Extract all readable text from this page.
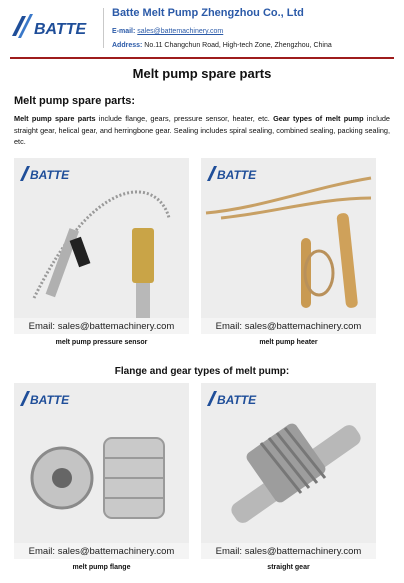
BATTE
Batte Melt Pump Zhengzhou Co., Ltd
E-mail: sales@battemachinery.com
Address: No.11 Changchun Road, High-tech Zone, Zhengzhou, China
Melt pump spare parts
Melt pump spare parts:
Melt pump spare parts include flange, gears, pressure sensor, heater, etc. Gear types of melt pump include straight gear, helical gear, and herringbone gear. Sealing includes spiral sealing, combined sealing, packing sealing, etc.
BATTE
Email: sales@battemachinery.com
melt pump pressure sensor
BATTE
Email: sales@battemachinery.com
melt pump heater
Flange and gear types of melt pump:
BATTE
Email: sales@battemachinery.com
melt pump flange
BATTE
Email: sales@battemachinery.com
straight gear
